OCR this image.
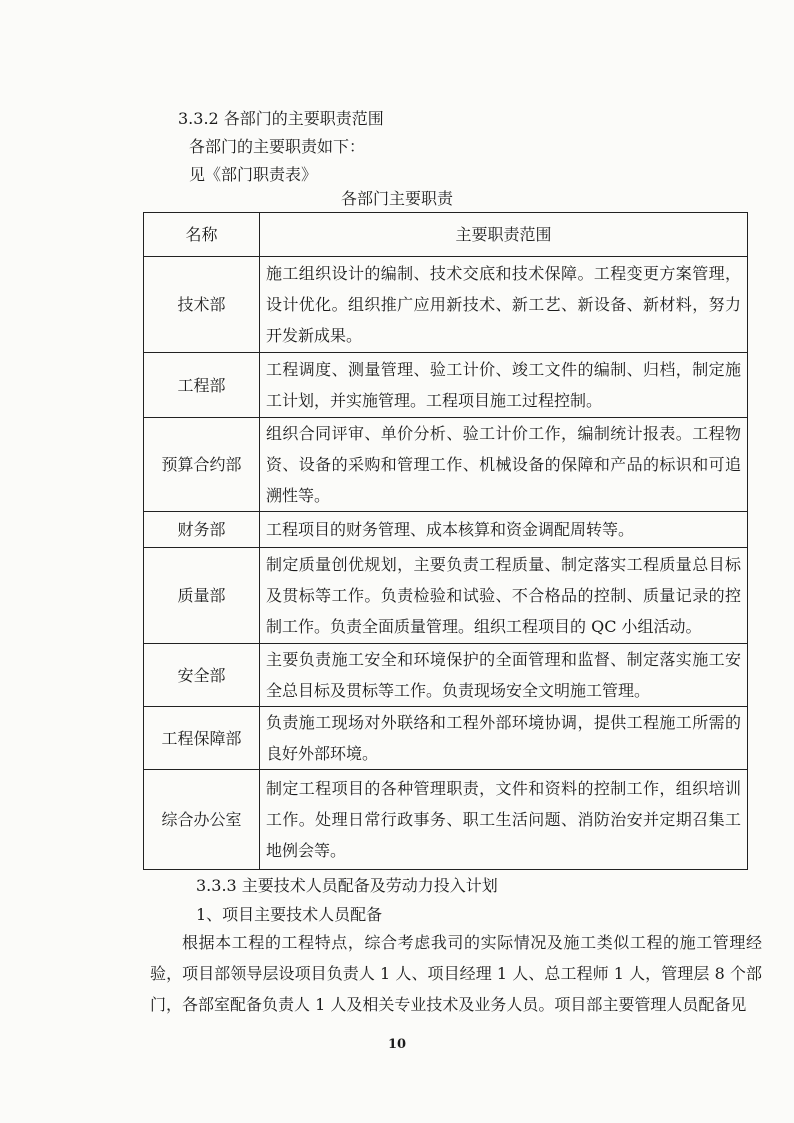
3.3.2 各部门的主要职责范围
各部门的主要职责如下：
见《部门职责表》
各部门主要职责
名称	主要职责范围
技术部	施工组织设计的编制、技术交底和技术保障。工程变更方案管理，设计优化。组织推广应用新技术、新工艺、新设备、新材料，努力开发新成果。
工程部	工程调度、测量管理、验工计价、竣工文件的编制、归档，制定施工计划，并实施管理。工程项目施工过程控制。
预算合约部	组织合同评审、单价分析、验工计价工作，编制统计报表。工程物资、设备的采购和管理工作、机械设备的保障和产品的标识和可追溯性等。
财务部	工程项目的财务管理、成本核算和资金调配周转等。
质量部	制定质量创优规划，主要负责工程质量、制定落实工程质量总目标及贯标等工作。负责检验和试验、不合格品的控制、质量记录的控制工作。负责全面质量管理。组织工程项目的 QC 小组活动。
安全部	主要负责施工安全和环境保护的全面管理和监督、制定落实施工安全总目标及贯标等工作。负责现场安全文明施工管理。
工程保障部	负责施工现场对外联络和工程外部环境协调，提供工程施工所需的良好外部环境。
综合办公室	制定工程项目的各种管理职责，文件和资料的控制工作，组织培训工作。处理日常行政事务、职工生活问题、消防治安并定期召集工地例会等。
3.3.3 主要技术人员配备及劳动力投入计划
1、项目主要技术人员配备
根据本工程的工程特点，综合考虑我司的实际情况及施工类似工程的施工管理经验，项目部领导层设项目负责人 1 人、项目经理 1 人、总工程师 1 人，管理层 8 个部门，各部室配备负责人 1 人及相关专业技术及业务人员。项目部主要管理人员配备见
10
